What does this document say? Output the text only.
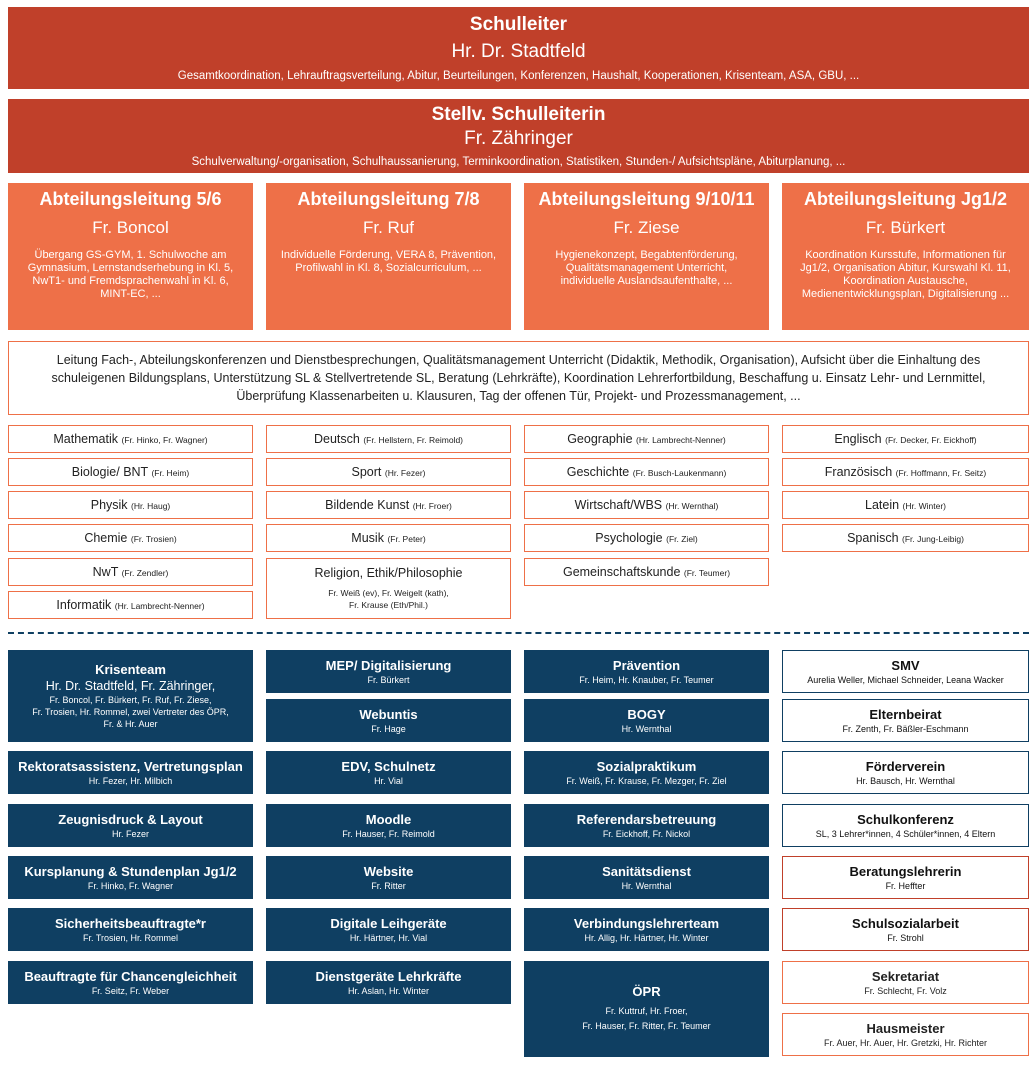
Schulleiter
Hr. Dr. Stadtfeld
Gesamtkoordination, Lehrauftragsverteilung, Abitur, Beurteilungen, Konferenzen, Haushalt, Kooperationen, Krisenteam, ASA, GBU, ...
Stellv. Schulleiterin
Fr. Zähringer
Schulverwaltung/-organisation, Schulhaussanierung, Terminkoordination, Statistiken, Stunden-/ Aufsichtspläne, Abiturplanung, ...
Abteilungsleitung 5/6
Fr. Boncol
Übergang GS-GYM, 1. Schulwoche am Gymnasium, Lernstandserhebung in Kl. 5, NwT1- und Fremdsprachenwahl in Kl. 6, MINT-EC, ...
Abteilungsleitung 7/8
Fr. Ruf
Individuelle Förderung, VERA 8, Prävention, Profilwahl in Kl. 8, Sozialcurriculum, ...
Abteilungsleitung 9/10/11
Fr. Ziese
Hygienekonzept, Begabtenförderung, Qualitätsmanagement Unterricht, individuelle Auslandsaufenthalte, ...
Abteilungsleitung Jg1/2
Fr. Bürkert
Koordination Kursstufe, Informationen für Jg1/2, Organisation Abitur, Kurswahl Kl. 11, Koordination Austausche, Medienentwicklungsplan, Digitalisierung ...
Leitung Fach-, Abteilungskonferenzen und Dienstbesprechungen, Qualitätsmanagement Unterricht (Didaktik, Methodik, Organisation), Aufsicht über die Einhaltung des schuleigenen Bildungsplans, Unterstützung SL & Stellvertretende SL, Beratung (Lehrkräfte), Koordination Lehrerfortbildung, Beschaffung u. Einsatz Lehr- und Lernmittel, Überprüfung Klassenarbeiten u. Klausuren, Tag der offenen Tür, Projekt- und Prozessmanagement, ...
Mathematik (Fr. Hinko, Fr. Wagner)
Biologie/ BNT (Fr. Heim)
Physik (Hr. Haug)
Chemie (Fr. Trosien)
NwT (Fr. Zendler)
Informatik (Hr. Lambrecht-Nenner)
Deutsch (Fr. Hellstern, Fr. Reimold)
Sport (Hr. Fezer)
Bildende Kunst (Hr. Froer)
Musik (Fr. Peter)
Religion, Ethik/Philosophie
Fr. Weiß (ev), Fr. Weigelt (kath),
Fr. Krause (Eth/Phil.)
Geographie (Hr. Lambrecht-Nenner)
Geschichte (Fr. Busch-Laukenmann)
Wirtschaft/WBS (Hr. Wernthal)
Psychologie (Fr. Ziel)
Gemeinschaftskunde (Fr. Teumer)
Englisch (Fr. Decker, Fr. Eickhoff)
Französisch (Fr. Hoffmann, Fr. Seitz)
Latein (Hr. Winter)
Spanisch (Fr. Jung-Leibig)
Krisenteam
Hr. Dr. Stadtfeld, Fr. Zähringer,
Fr. Boncol, Fr. Bürkert, Fr. Ruf, Fr. Ziese,
Fr. Trosien, Hr. Rommel, zwei Vertreter des ÖPR,
Fr. & Hr. Auer
Rektoratsassistenz, Vertretungsplan
Hr. Fezer, Hr. Milbich
Zeugnisdruck & Layout
Hr. Fezer
Kursplanung & Stundenplan Jg1/2
Fr. Hinko, Fr. Wagner
Sicherheitsbeauftragte*r
Fr. Trosien, Hr. Rommel
Beauftragte für Chancengleichheit
Fr. Seitz, Fr. Weber
MEP/ Digitalisierung
Fr. Bürkert
Webuntis
Fr. Hage
EDV, Schulnetz
Hr. Vial
Moodle
Fr. Hauser, Fr. Reimold
Website
Fr. Ritter
Digitale Leihgeräte
Hr. Härtner, Hr. Vial
Dienstgeräte Lehrkräfte
Hr. Aslan, Hr. Winter
Prävention
Fr. Heim, Hr. Knauber, Fr. Teumer
BOGY
Hr. Wernthal
Sozialpraktikum
Fr. Weiß, Fr. Krause, Fr. Mezger, Fr. Ziel
Referendarsbetreuung
Fr. Eickhoff, Fr. Nickol
Sanitätsdienst
Hr. Wernthal
Verbindungslehrerteam
Hr. Allig, Hr. Härtner, Hr. Winter
ÖPR
Fr. Kuttruf, Hr. Froer,
Fr. Hauser, Fr. Ritter, Fr. Teumer
SMV
Aurelia Weller, Michael Schneider, Leana Wacker
Elternbeirat
Fr. Zenth, Fr. Bäßler-Eschmann
Förderverein
Hr. Bausch, Hr. Wernthal
Schulkonferenz
SL, 3 Lehrer*innen, 4 Schüler*innen, 4 Eltern
Beratungslehrerin
Fr. Heffter
Schulsozialarbeit
Fr. Strohl
Sekretariat
Fr. Schlecht, Fr. Volz
Hausmeister
Fr. Auer, Hr. Auer, Hr. Gretzki, Hr. Richter
